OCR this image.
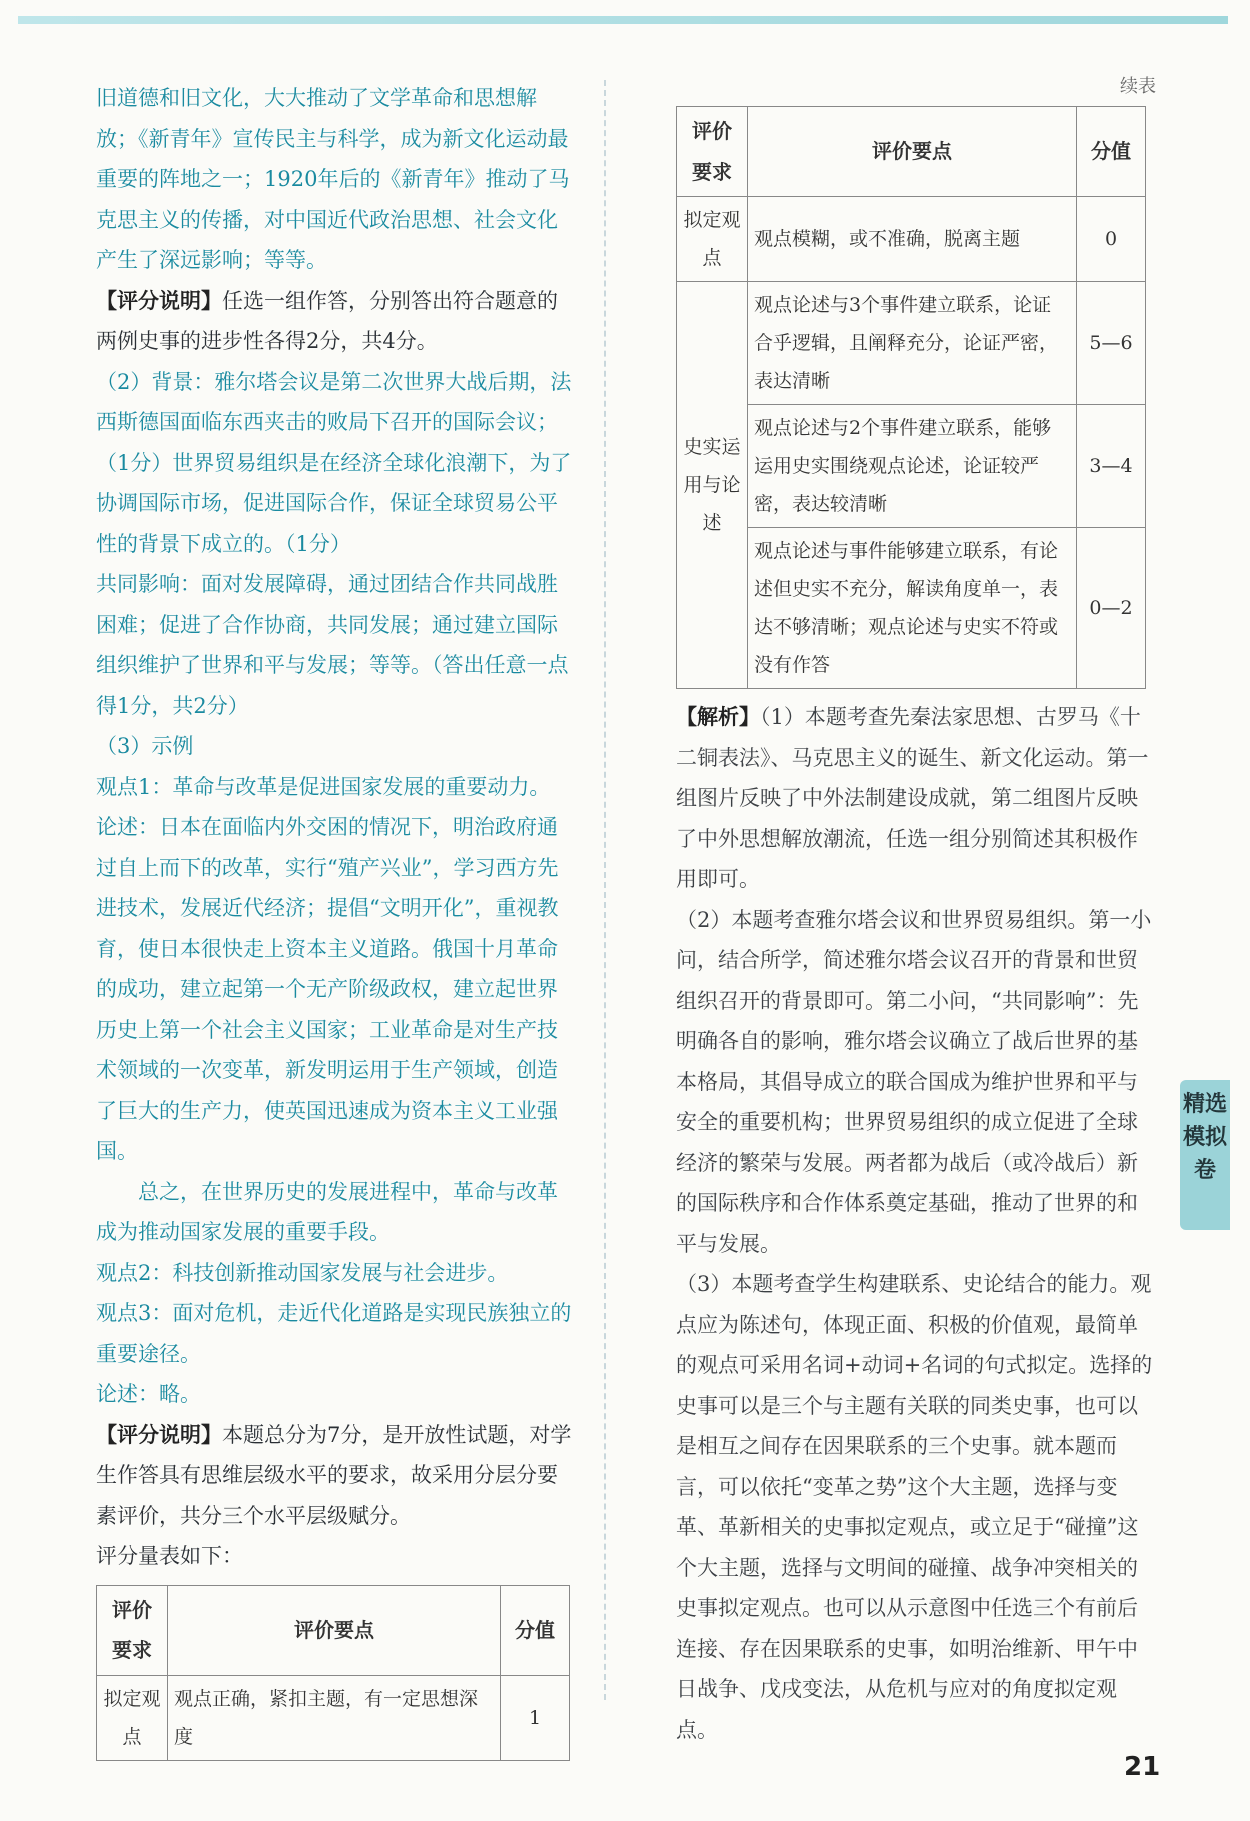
旧道德和旧文化，大大推动了文学革命和思想解放；《新青年》宣传民主与科学，成为新文化运动最重要的阵地之一；1920年后的《新青年》推动了马克思主义的传播，对中国近代政治思想、社会文化产生了深远影响；等等。

【评分说明】任选一组作答，分别答出符合题意的两例史事的进步性各得2分，共4分。

（2）背景：雅尔塔会议是第二次世界大战后期，法西斯德国面临东西夹击的败局下召开的国际会议；（1分）世界贸易组织是在经济全球化浪潮下，为了协调国际市场，促进国际合作，保证全球贸易公平性的背景下成立的。（1分）

共同影响：面对发展障碍，通过团结合作共同战胜困难；促进了合作协商，共同发展；通过建立国际组织维护了世界和平与发展；等等。（答出任意一点得1分，共2分）

（3）示例

观点1：革命与改革是促进国家发展的重要动力。

论述：日本在面临内外交困的情况下，明治政府通过自上而下的改革，实行“殖产兴业”，学习西方先进技术，发展近代经济；提倡“文明开化”，重视教育，使日本很快走上资本主义道路。俄国十月革命的成功，建立起第一个无产阶级政权，建立起世界历史上第一个社会主义国家；工业革命是对生产技术领域的一次变革，新发明运用于生产领域，创造了巨大的生产力，使英国迅速成为资本主义工业强国。

总之，在世界历史的发展进程中，革命与改革成为推动国家发展的重要手段。

观点2：科技创新推动国家发展与社会进步。

观点3：面对危机，走近代化道路是实现民族独立的重要途径。

论述：略。

【评分说明】本题总分为7分，是开放性试题，对学生作答具有思维层级水平的要求，故采用分层分要素评价，共分三个水平层级赋分。

评分量表如下：

评价要求	评价要点	分值
拟定观点	观点正确，紧扣主题，有一定思想深度	1
续表
评价要求	评价要点	分值
拟定观点	观点模糊，或不准确，脱离主题	0
史实运用与论述	观点论述与3个事件建立联系，论证合乎逻辑，且阐释充分，论证严密，表达清晰	5—6
	观点论述与2个事件建立联系，能够运用史实围绕观点论述，论证较严密，表达较清晰	3—4
	观点论述与事件能够建立联系，有论述但史实不充分，解读角度单一，表达不够清晰；观点论述与史实不符或没有作答	0—2

【解析】（1）本题考查先秦法家思想、古罗马《十二铜表法》、马克思主义的诞生、新文化运动。第一组图片反映了中外法制建设成就，第二组图片反映了中外思想解放潮流，任选一组分别简述其积极作用即可。

（2）本题考查雅尔塔会议和世界贸易组织。第一小问，结合所学，简述雅尔塔会议召开的背景和世贸组织召开的背景即可。第二小问，“共同影响”：先明确各自的影响，雅尔塔会议确立了战后世界的基本格局，其倡导成立的联合国成为维护世界和平与安全的重要机构；世界贸易组织的成立促进了全球经济的繁荣与发展。两者都为战后（或冷战后）新的国际秩序和合作体系奠定基础，推动了世界的和平与发展。

（3）本题考查学生构建联系、史论结合的能力。观点应为陈述句，体现正面、积极的价值观，最简单的观点可采用名词+动词+名词的句式拟定。选择的史事可以是三个与主题有关联的同类史事，也可以是相互之间存在因果联系的三个史事。就本题而言，可以依托“变革之势”这个大主题，选择与变革、革新相关的史事拟定观点，或立足于“碰撞”这个大主题，选择与文明间的碰撞、战争冲突相关的史事拟定观点。也可以从示意图中任选三个有前后连接、存在因果联系的史事，如明治维新、甲午中日战争、戊戌变法，从危机与应对的角度拟定观点。

精选模拟卷
21
